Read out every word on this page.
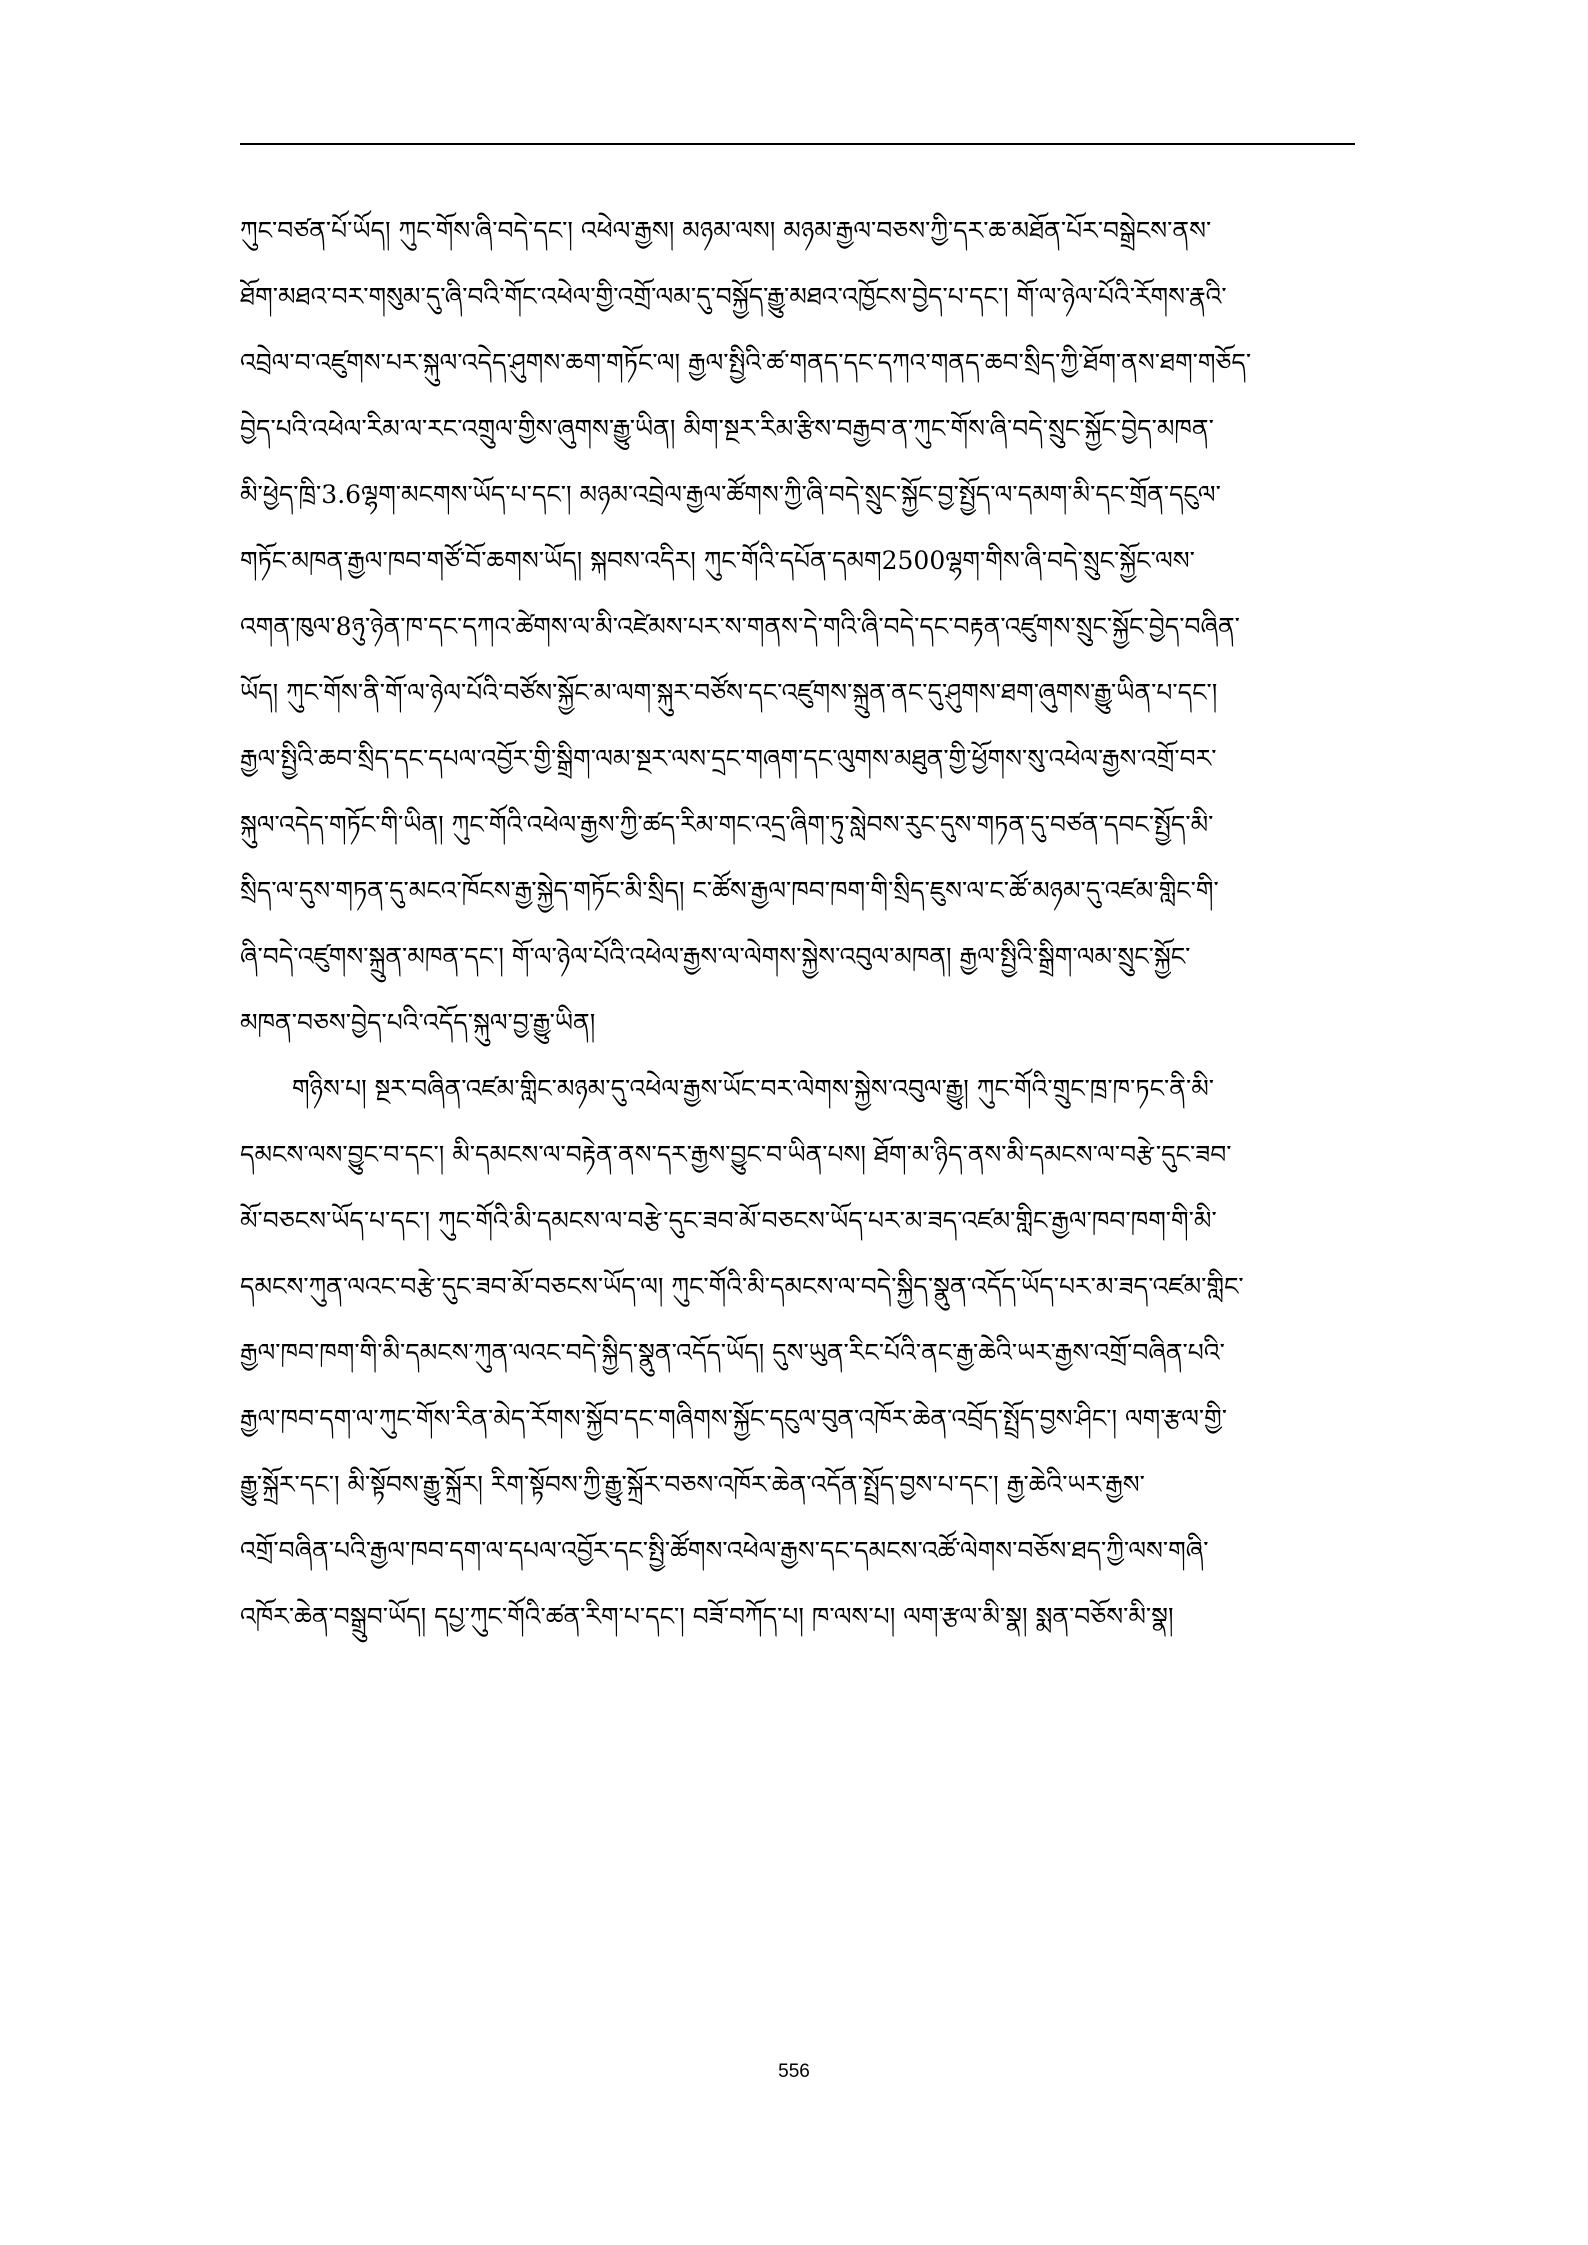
ཀུང་བཙན་པོ་ཡོད། ཀུང་གོས་ཞི་བདེ་དང་། འཕེལ་རྒྱས། མཉམ་ལས། མཉམ་རྒྱལ་བཅས་ཀྱི་དར་ཆ་མཐོན་པོར་བསྒྲེངས་ནས་
ཐོག་མཐའ་བར་གསུམ་དུ་ཞི་བའི་གོང་འཕེལ་གྱི་འགྲོ་ལམ་དུ་བསྐྱོད་རྒྱུ་མཐའ་འཁྱོངས་བྱེད་པ་དང་། གོ་ལ་ཉེལ་པོའི་རོགས་རྣའི་
འབྲེལ་བ་འཛུགས་པར་སྐུལ་འདེད་ཤུགས་ཆག་གཏོང་ལ། རྒྱལ་སྤྱིའི་ཚ་གནད་དང་དཀའ་གནད་ཆབ་སྲིད་ཀྱི་ཐོག་ནས་ཐག་གཅོད་
བྱེད་པའི་འཕེལ་རིམ་ལ་རང་འགྲུལ་གྱིས་ཞུགས་རྒྱུ་ཡིན། མིག་སྔར་རིམ་རྩིས་བརྒྱབ་ན་ཀུང་གོས་ཞི་བདེ་སྲུང་སྐྱོང་བྱེད་མཁན་
མི་ཕྱེད་ཁྲི་3.6ལྷག་མངགས་ཡོད་པ་དང་། མཉམ་འབྲེལ་རྒྱལ་ཚོགས་ཀྱི་ཞི་བདེ་སྲུང་སྐྱོང་བྱ་སྤྱོད་ལ་དམག་མི་དང་གྲོན་དངུལ་
གཏོང་མཁན་རྒྱལ་ཁབ་གཙོ་བོ་ཆགས་ཡོད། སྐབས་འདིར། ཀུང་གོའི་དཔོན་དམག2500ལྷག་གིས་ཞི་བདེ་སྲུང་སྐྱོང་ལས་
འགན་ཁུལ་8ཉུ་ཉེན་ཁ་དང་དཀའ་ཚེགས་ལ་མི་འཛེམས་པར་ས་གནས་དེ་གའི་ཞི་བདེ་དང་བརྟན་འཛུགས་སྲུང་སྐྱོང་བྱེད་བཞིན་
ཡོད། ཀུང་གོས་ནི་གོ་ལ་ཉེལ་པོའི་བཙོས་སྐྱོང་མ་ལག་སྐུར་བཙོས་དང་འཛུགས་སྐྲུན་ནང་དུ་ཤུགས་ཐག་ཞུགས་རྒྱུ་ཡིན་པ་དང་།
རྒྱལ་སྤྱིའི་ཆབ་སྲིད་དང་དཔལ་འབྱོར་གྱི་སྒྲིག་ལམ་སྔར་ལས་དྲང་གཞག་དང་ལུགས་མཐུན་གྱི་ཕྱོགས་སུ་འཕེལ་རྒྱས་འགྲོ་བར་
སྐུལ་འདེད་གཏོང་གི་ཡིན། ཀུང་གོའི་འཕེལ་རྒྱས་ཀྱི་ཚད་རིམ་གང་འདྲ་ཞིག་ཏུ་སླེབས་རུང་དུས་གཏན་དུ་བཙན་དབང་སྤྱོད་མི་
སྲིད་ལ་དུས་གཏན་དུ་མངའ་ཁོངས་རྒྱ་སྐྱེད་གཏོང་མི་སྲིད། ང་ཚོས་རྒྱལ་ཁབ་ཁག་གི་སྲིད་ཇུས་ལ་ང་ཚོ་མཉམ་དུ་འཛམ་གླིང་གི་
ཞི་བདེ་འཛུགས་སྐྲུན་མཁན་དང་། གོ་ལ་ཉེལ་པོའི་འཕེལ་རྒྱས་ལ་ལེགས་སྐྱེས་འབུལ་མཁན། རྒྱལ་སྤྱིའི་སྒྲིག་ལམ་སྲུང་སྐྱོང་
མཁན་བཅས་བྱེད་པའི་འདོད་སྐུལ་བྱ་རྒྱུ་ཡིན།
གཉིས་པ། སྔར་བཞིན་འཛམ་གླིང་མཉམ་དུ་འཕེལ་རྒྱས་ཡོང་བར་ལེགས་སྐྱེས་འབུལ་རྒྱུ། ཀུང་གོའི་གྲུང་ཁྲ་ཁ་ཏང་ནི་མི་
དམངས་ལས་བྱུང་བ་དང་། མི་དམངས་ལ་བརྟེན་ནས་དར་རྒྱས་བྱུང་བ་ཡིན་པས། ཐོག་མ་ཉིད་ནས་མི་དམངས་ལ་བརྩེ་དུང་ཟབ་
མོ་བཅངས་ཡོད་པ་དང་། ཀུང་གོའི་མི་དམངས་ལ་བརྩེ་དུང་ཟབ་མོ་བཅངས་ཡོད་པར་མ་ཟད་འཛམ་གླིང་རྒྱལ་ཁབ་ཁག་གི་མི་
དམངས་ཀུན་ལའང་བརྩེ་དུང་ཟབ་མོ་བཅངས་ཡོད་ལ། ཀུང་གོའི་མི་དམངས་ལ་བདེ་སྐྱིད་སྣུན་འདོད་ཡོད་པར་མ་ཟད་འཛམ་གླིང་
རྒྱལ་ཁབ་ཁག་གི་མི་དམངས་ཀུན་ལའང་བདེ་སྐྱིད་སྣུན་འདོད་ཡོད། དུས་ཡུན་རིང་པོའི་ནང་རྒྱ་ཆེའི་ཡར་རྒྱས་འགྲོ་བཞིན་པའི་
རྒྱལ་ཁབ་དག་ལ་ཀུང་གོས་རིན་མེད་རོགས་སྐྱོབ་དང་གཞིགས་སྐྱོང་དངུལ་བུན་འཁོར་ཆེན་འབྲོད་སྤྲོད་བྱས་ཤིང་། ལག་རྩལ་གྱི་
རྒྱུ་སྐྲོར་དང་། མི་སྟོབས་རྒྱུ་སྐྲོར། རིག་སྟོབས་ཀྱི་རྒྱུ་སྐྲོར་བཅས་འཁོར་ཆེན་འདོན་སྤྲོད་བྱས་པ་དང་། རྒྱ་ཆེའི་ཡར་རྒྱས་
འགྲོ་བཞིན་པའི་རྒྱལ་ཁབ་དག་ལ་དཔལ་འབྱོར་དང་སྤྱི་ཚོགས་འཕེལ་རྒྱས་དང་དམངས་འཚོ་ལེགས་བཅོས་ཐད་ཀྱི་ལས་གཞི་
འཁོར་ཆེན་བསྒྲུབ་ཡོད། དཔྱ་ཀུང་གོའི་ཚན་རིག་པ་དང་། བཟོ་བཀོད་པ། ཁ་ལས་པ། ལག་རྩལ་མི་སྣ། སྨན་བཅོས་མི་སྣ།
556
